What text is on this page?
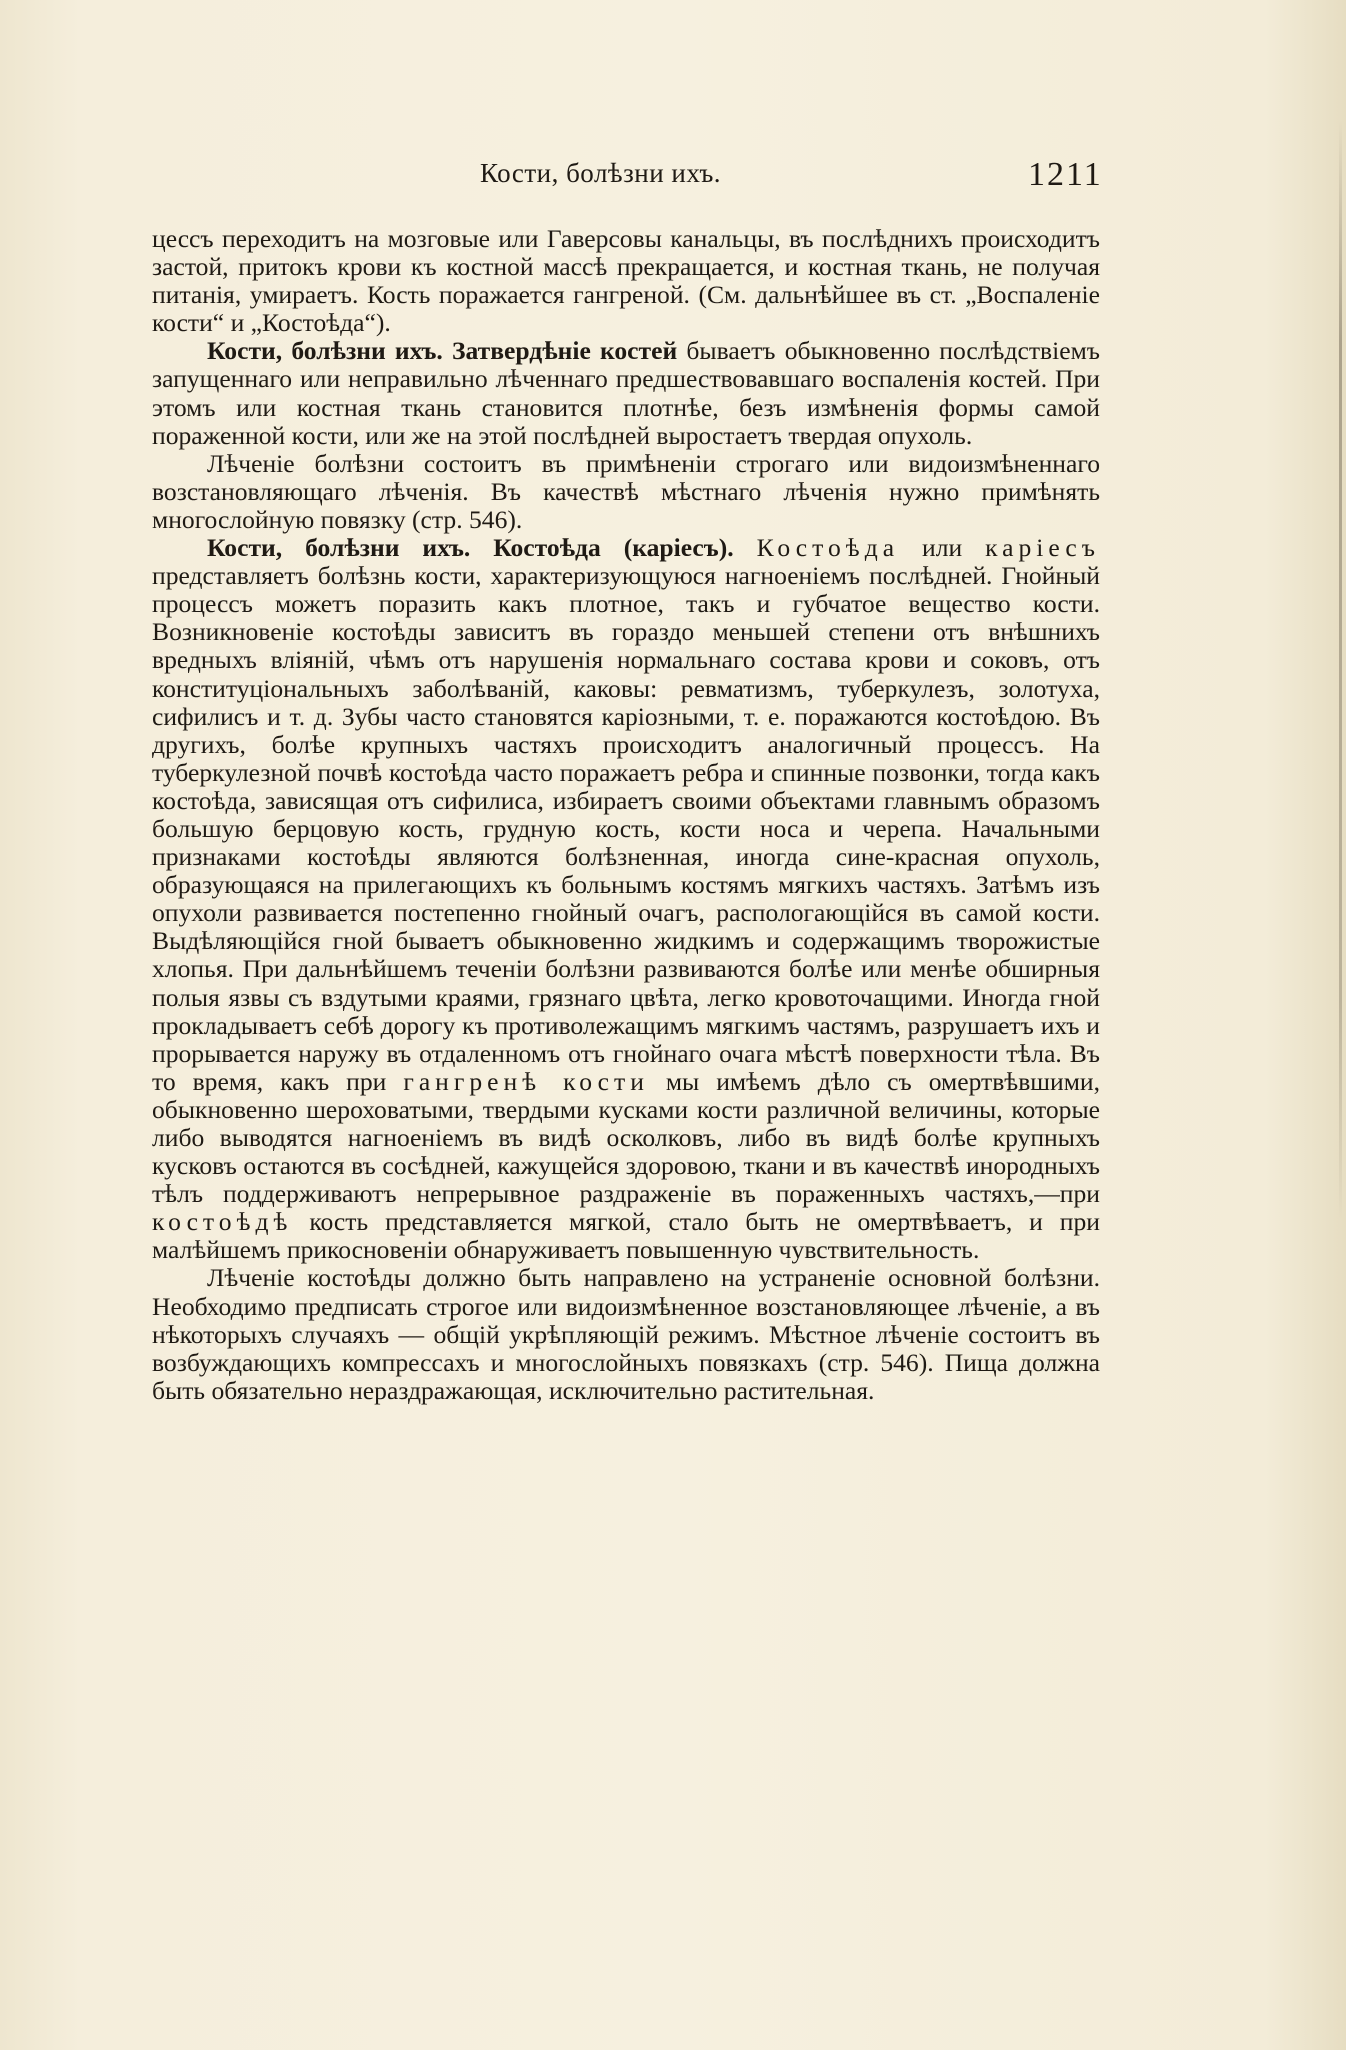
Кости, болѣзни ихъ.	1211

цессъ переходитъ на мозговые или Гаверсовы канальцы, въ послѣднихъ происходитъ застой, притокъ крови къ костной массѣ прекращается, и костная ткань, не получая питанія, умираетъ. Кость поражается гангреной. (См. дальнѣйшее въ ст. „Воспаленіе кости“ и „Костоѣда“).

Кости, болѣзни ихъ. Затвердѣніе костей бываетъ обыкновенно послѣдствіемъ запущеннаго или неправильно лѣченнаго предшествовавшаго воспаленія костей. При этомъ или костная ткань становится плотнѣе, безъ измѣненія формы самой пораженной кости, или же на этой послѣдней выростаетъ твердая опухоль.

Лѣченіе болѣзни состоитъ въ примѣненіи строгаго или видоизмѣненнаго возстановляющаго лѣченія. Въ качествѣ мѣстнаго лѣченія нужно примѣнять многослойную повязку (стр. 546).

Кости, болѣзни ихъ. Костоѣда (каріесъ). Костоѣда или каріесъ представляетъ болѣзнь кости, характеризующуюся нагноеніемъ послѣдней. Гнойный процессъ можетъ поразить какъ плотное, такъ и губчатое вещество кости. Возникновеніе костоѣды зависитъ въ гораздо меньшей степени отъ внѣшнихъ вредныхъ вліяній, чѣмъ отъ нарушенія нормальнаго состава крови и соковъ, отъ конституціональныхъ заболѣваній, каковы: ревматизмъ, туберкулезъ, золотуха, сифилисъ и т. д. Зубы часто становятся каріозными, т. е. поражаются костоѣдою. Въ другихъ, болѣе крупныхъ частяхъ происходитъ аналогичный процессъ. На туберкулезной почвѣ костоѣда часто поражаетъ ребра и спинные позвонки, тогда какъ костоѣда, зависящая отъ сифилиса, избираетъ своими объектами главнымъ образомъ большую берцовую кость, грудную кость, кости носа и черепа. Начальными признаками костоѣды являются болѣзненная, иногда сине-красная опухоль, образующаяся на прилегающихъ къ больнымъ костямъ мягкихъ частяхъ. Затѣмъ изъ опухоли развивается постепенно гнойный очагъ, распологающійся въ самой кости. Выдѣляющійся гной бываетъ обыкновенно жидкимъ и содержащимъ творожистые хлопья. При дальнѣйшемъ теченіи болѣзни развиваются болѣе или менѣе обширныя полыя язвы съ вздутыми краями, грязнаго цвѣта, легко кровоточащими. Иногда гной прокладываетъ себѣ дорогу къ противолежащимъ мягкимъ частямъ, разрушаетъ ихъ и прорывается наружу въ отдаленномъ отъ гнойнаго очага мѣстѣ поверхности тѣла. Въ то время, какъ при гангренѣ кости мы имѣемъ дѣло съ омертвѣвшими, обыкновенно шероховатыми, твердыми кусками кости различной величины, которые либо выводятся нагноеніемъ въ видѣ осколковъ, либо въ видѣ болѣе крупныхъ кусковъ остаются въ сосѣдней, кажущейся здоровою, ткани и въ качествѣ инородныхъ тѣлъ поддерживаютъ непрерывное раздраженіе въ пораженныхъ частяхъ,—при костоѣдѣ кость представляется мягкой, стало быть не омертвѣваетъ, и при малѣйшемъ прикосновеніи обнаруживаетъ повышенную чувствительность.

Лѣченіе костоѣды должно быть направлено на устраненіе основной болѣзни. Необходимо предписать строгое или видоизмѣненное возстановляющее лѣченіе, а въ нѣкоторыхъ случаяхъ — общій укрѣпляющій режимъ. Мѣстное лѣченіе состоитъ въ возбуждающихъ компрессахъ и многослойныхъ повязкахъ (стр. 546). Пища должна быть обязательно нераздражающая, исключительно растительная.
